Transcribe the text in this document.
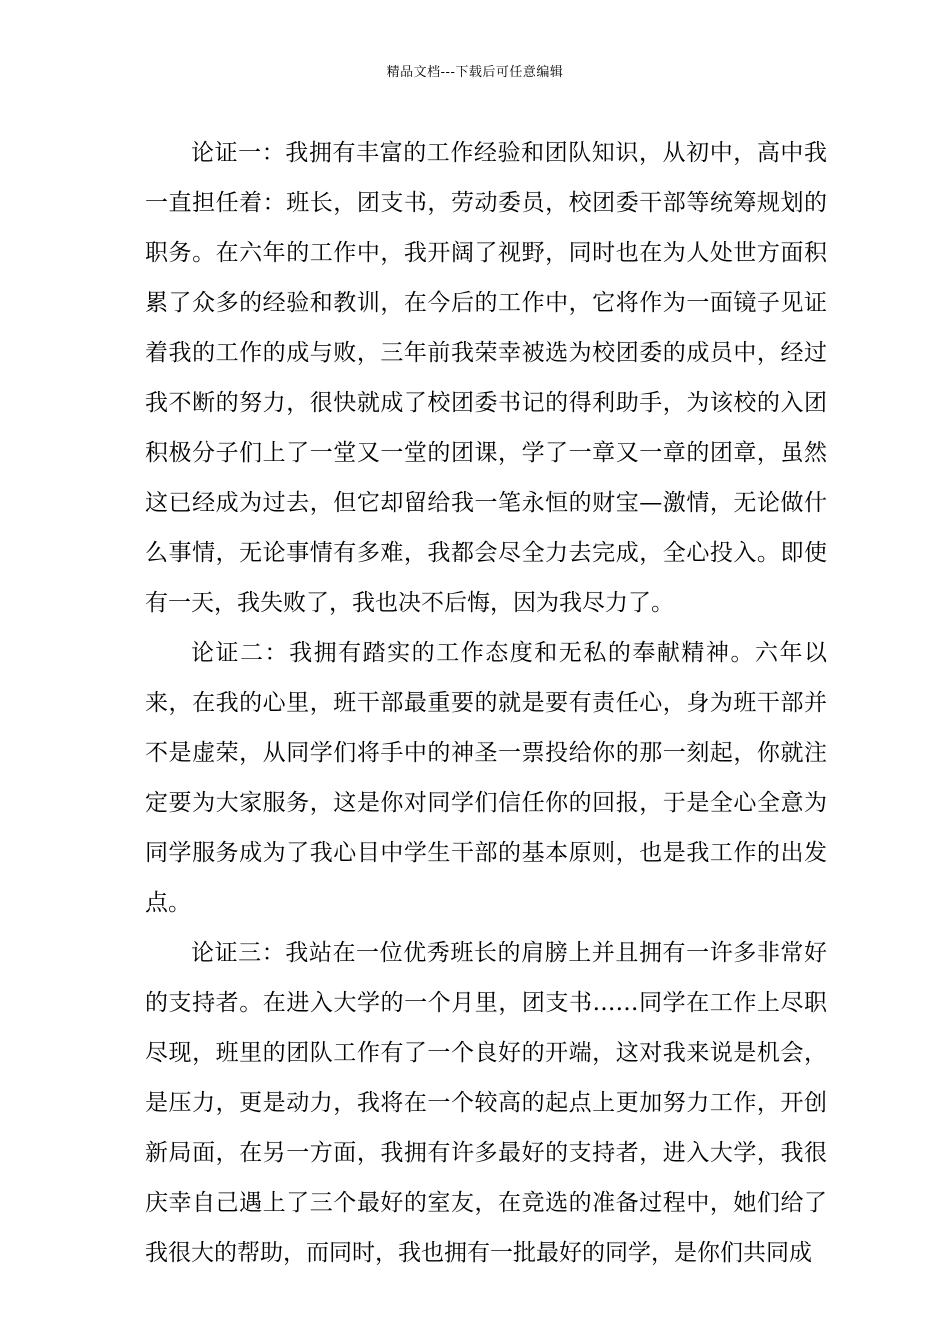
精品文档---下载后可任意编辑

论证一：我拥有丰富的工作经验和团队知识，从初中，高中我一直担任着：班长，团支书，劳动委员，校团委干部等统筹规划的职务。在六年的工作中，我开阔了视野，同时也在为人处世方面积累了众多的经验和教训，在今后的工作中，它将作为一面镜子见证着我的工作的成与败，三年前我荣幸被选为校团委的成员中，经过我不断的努力，很快就成了校团委书记的得利助手，为该校的入团积极分子们上了一堂又一堂的团课，学了一章又一章的团章，虽然这已经成为过去，但它却留给我一笔永恒的财宝—激情，无论做什么事情，无论事情有多难，我都会尽全力去完成，全心投入。即使有一天，我失败了，我也决不后悔，因为我尽力了。

论证二：我拥有踏实的工作态度和无私的奉献精神。六年以来，在我的心里，班干部最重要的就是要有责任心，身为班干部并不是虚荣，从同学们将手中的神圣一票投给你的那一刻起，你就注定要为大家服务，这是你对同学们信任你的回报，于是全心全意为同学服务成为了我心目中学生干部的基本原则，也是我工作的出发点。

论证三：我站在一位优秀班长的肩膀上并且拥有一许多非常好的支持者。在进入大学的一个月里，团支书……同学在工作上尽职尽现，班里的团队工作有了一个良好的开端，这对我来说是机会，是压力，更是动力，我将在一个较高的起点上更加努力工作，开创新局面，在另一方面，我拥有许多最好的支持者，进入大学，我很庆幸自己遇上了三个最好的室友，在竞选的准备过程中，她们给了我很大的帮助，而同时，我也拥有一批最好的同学，是你们共同成
